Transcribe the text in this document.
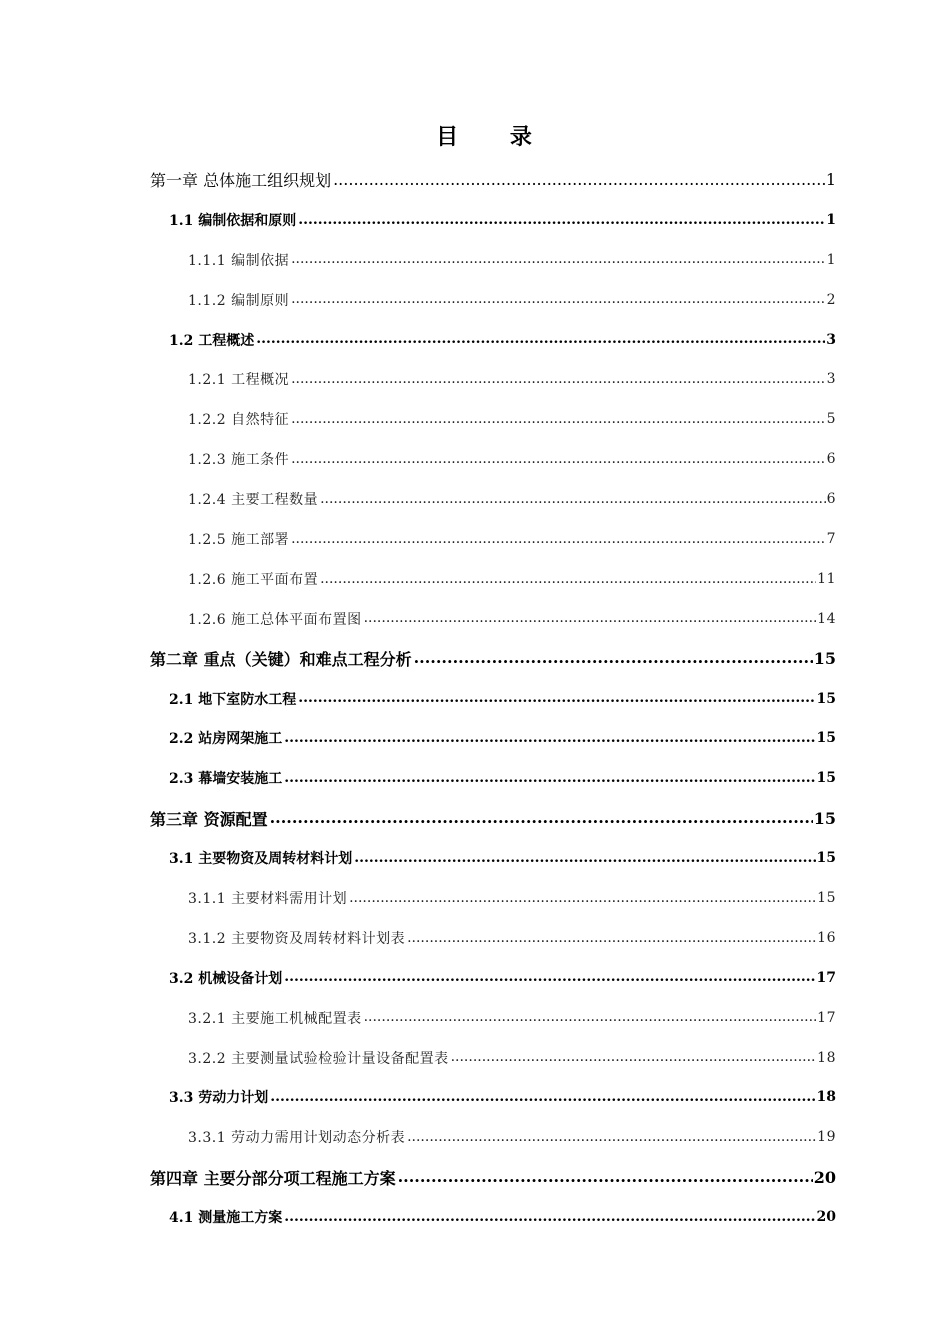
目 录
第一章 总体施工组织规划 .....	1
1.1 编制依据和原则 .....	1
1.1.1 编制依据 .....	1
1.1.2 编制原则 .....	2
1.2 工程概述 .....	3
1.2.1 工程概况 .....	3
1.2.2 自然特征 .....	5
1.2.3 施工条件 .....	6
1.2.4 主要工程数量 .....	6
1.2.5 施工部署 .....	7
1.2.6 施工平面布置 .....	11
1.2.6 施工总体平面布置图 .....	14
第二章 重点（关键）和难点工程分析 .....	15
2.1 地下室防水工程 .....	15
2.2 站房网架施工 .....	15
2.3 幕墙安装施工 .....	15
第三章 资源配置 .....	15
3.1 主要物资及周转材料计划 .....	15
3.1.1 主要材料需用计划 .....	15
3.1.2 主要物资及周转材料计划表 .....	16
3.2 机械设备计划 .....	17
3.2.1 主要施工机械配置表 .....	17
3.2.2 主要测量试验检验计量设备配置表 .....	18
3.3 劳动力计划 .....	18
3.3.1 劳动力需用计划动态分析表 .....	19
第四章 主要分部分项工程施工方案 .....	20
4.1 测量施工方案 .....	20
